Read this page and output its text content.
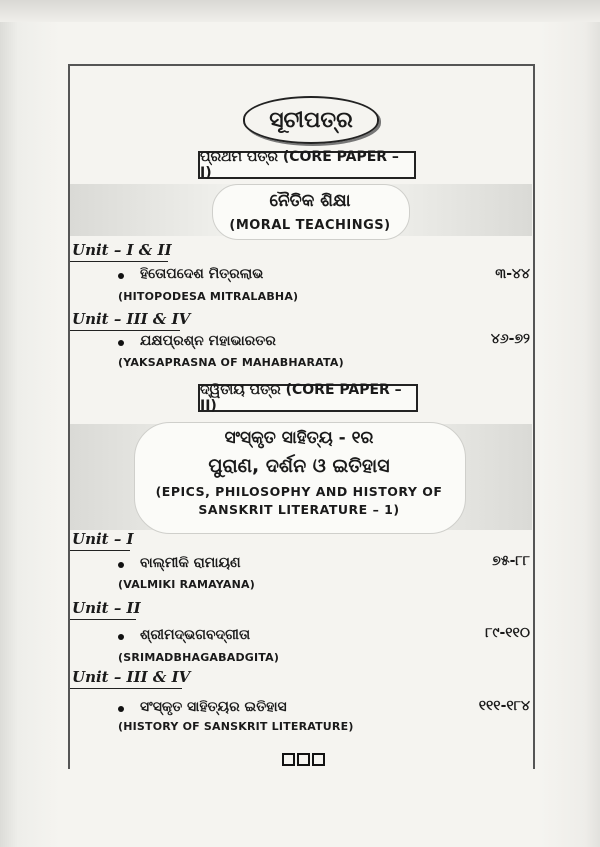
ସୂଚୀପତ୍ର
ପ୍ରଥମ ପତ୍ର (CORE PAPER – I)
ନୈତିକ ଶିକ୍ଷା
(MORAL TEACHINGS)
Unit – I & II
ହିତୋପଦେଶ ମିତ୍ରଲାଭ
(HITOPODESA MITRALABHA)
୩-୪୪
Unit – III & IV
ଯକ୍ଷପ୍ରଶ୍ନ ମହାଭାରତର
(YAKSAPRASNA OF MAHABHARATA)
୪୬-୭୨
ଦ୍ୱିତୀୟ ପତ୍ର (CORE PAPER – II)
ସଂସ୍କୃତ ସାହିତ୍ୟ - ୧ର
ପୁରାଣ, ଦର୍ଶନ ଓ ଇତିହାସ
(EPICS, PHILOSOPHY AND HISTORY OF
SANSKRIT LITERATURE – 1)
Unit – I
ବାଲ୍ମୀକି ରାମାୟଣ
(VALMIKI RAMAYANA)
୭୫-୮୮
Unit – II
ଶ୍ରୀମଦ୍ଭଗବଦ୍‌ଗୀତା
(SRIMADBHAGABADGITA)
୮୯-୧୧୦
Unit – III & IV
ସଂସ୍କୃତ ସାହିତ୍ୟର ଇତିହାସ
(HISTORY OF SANSKRIT LITERATURE)
୧୧୧-୧୮୪
